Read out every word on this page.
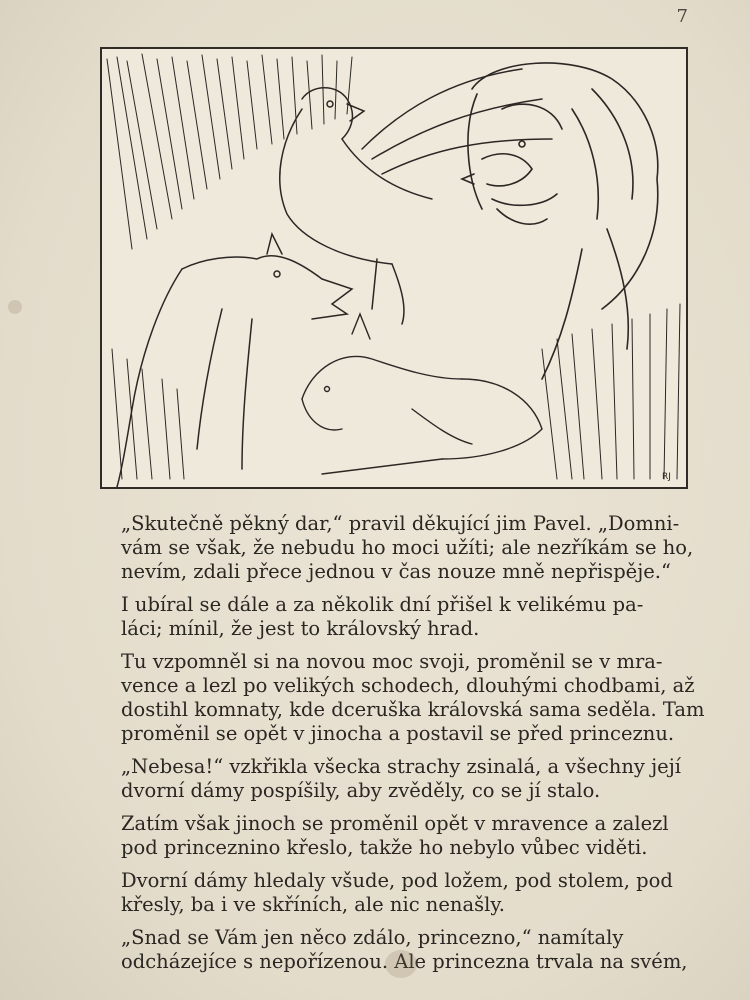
7
RJ

„Skutečně pěkný dar,“ pravil děkující jim Pavel. „Domni-
vám se však, že nebudu ho moci užíti; ale nezříkám se ho,
nevím, zdali přece jednou v čas nouze mně nepřispěje.“

I ubíral se dále a za několik dní přišel k velikému pa-
láci; mínil, že jest to královský hrad.

Tu vzpomněl si na novou moc svoji, proměnil se v mra-
vence a lezl po velikých schodech, dlouhými chodbami, až
dostihl komnaty, kde dceruška královská sama seděla. Tam
proměnil se opět v jinocha a postavil se před princeznu.

„Nebesa!“ vzkřikla všecka strachy zsinalá, a všechny její
dvorní dámy pospíšily, aby zvěděly, co se jí stalo.

Zatím však jinoch se proměnil opět v mravence a zalezl
pod princeznino křeslo, takže ho nebylo vůbec viděti.

Dvorní dámy hledaly všude, pod ložem, pod stolem, pod
křesly, ba i ve skříních, ale nic nenašly.

„Snad se Vám jen něco zdálo, princezno,“ namítaly
odcházejíce s nepořízenou. Ale princezna trvala na svém,
